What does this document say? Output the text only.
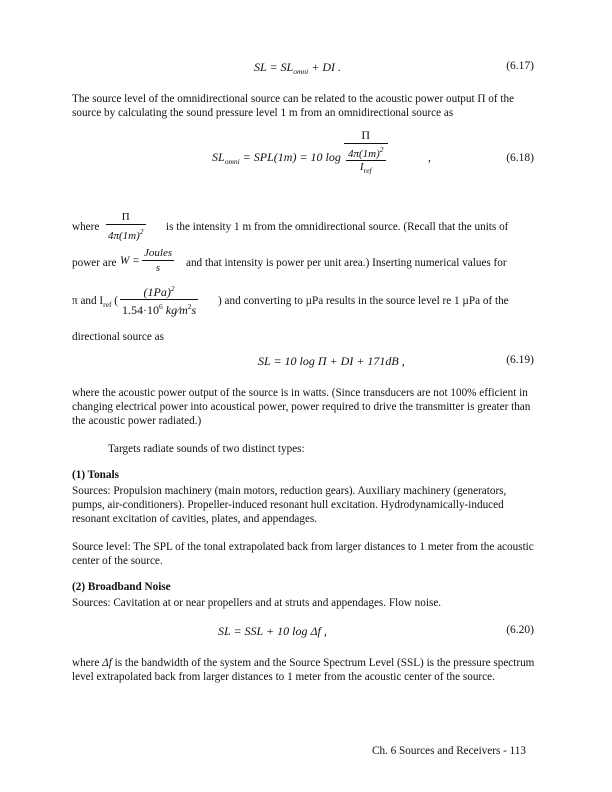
SL = $SL_{omni}$ + DI .	(6.17)
The source level of the omnidirectional source can be related to the acoustic power output Π of the source by calculating the sound pressure level 1 m from an omnidirectional source as
$SL_{omni} = SPL(1m) = 10$ $\log \frac{\Pi}{\frac{4\pi(1m)^2}{I_{ref}}}$	,	(6.18)
where $\frac{\Pi}{4\pi(1m)^2}$ is the intensity 1 m from the omnidirectional source. (Recall that the units of
power are W =
Joules
s	and that intensity is power per unit area.) Inserting numerical values for
π and $I_{ref}$ ( $\frac{(1Pa)^2}{1.54\cdot 10^6 kg⁄m^2s}$ ) and converting to µPa results in the source level re 1 µPa of the
directional source as
SL = 10 log Π + DI + 171dB ,	(6.19)
where the acoustic power output of the source is in watts. (Since transducers are not 100% efficient in changing electrical power into acoustical power, power required to drive the transmitter is greater than the acoustic power radiated.)
Targets radiate sounds of two distinct types:
(1) Tonals
Sources: Propulsion machinery (main motors, reduction gears). Auxiliary machinery (generators, pumps, air-conditioners). Propeller-induced resonant hull excitation. Hydrodynamically-induced resonant excitation of cavities, plates, and appendages.
Source level: The SPL of the tonal extrapolated back from larger distances to 1 meter from the acoustic center of the source.
(2) Broadband Noise
Sources: Cavitation at or near propellers and at struts and appendages. Flow noise.
SL = SSL + 10 log Δf ,	(6.20)
where Δf is the bandwidth of the system and the Source Spectrum Level (SSL) is the pressure spectrum level extrapolated back from larger distances to 1 meter from the acoustic center of the source.
Ch. 6 Sources and Receivers - 113
